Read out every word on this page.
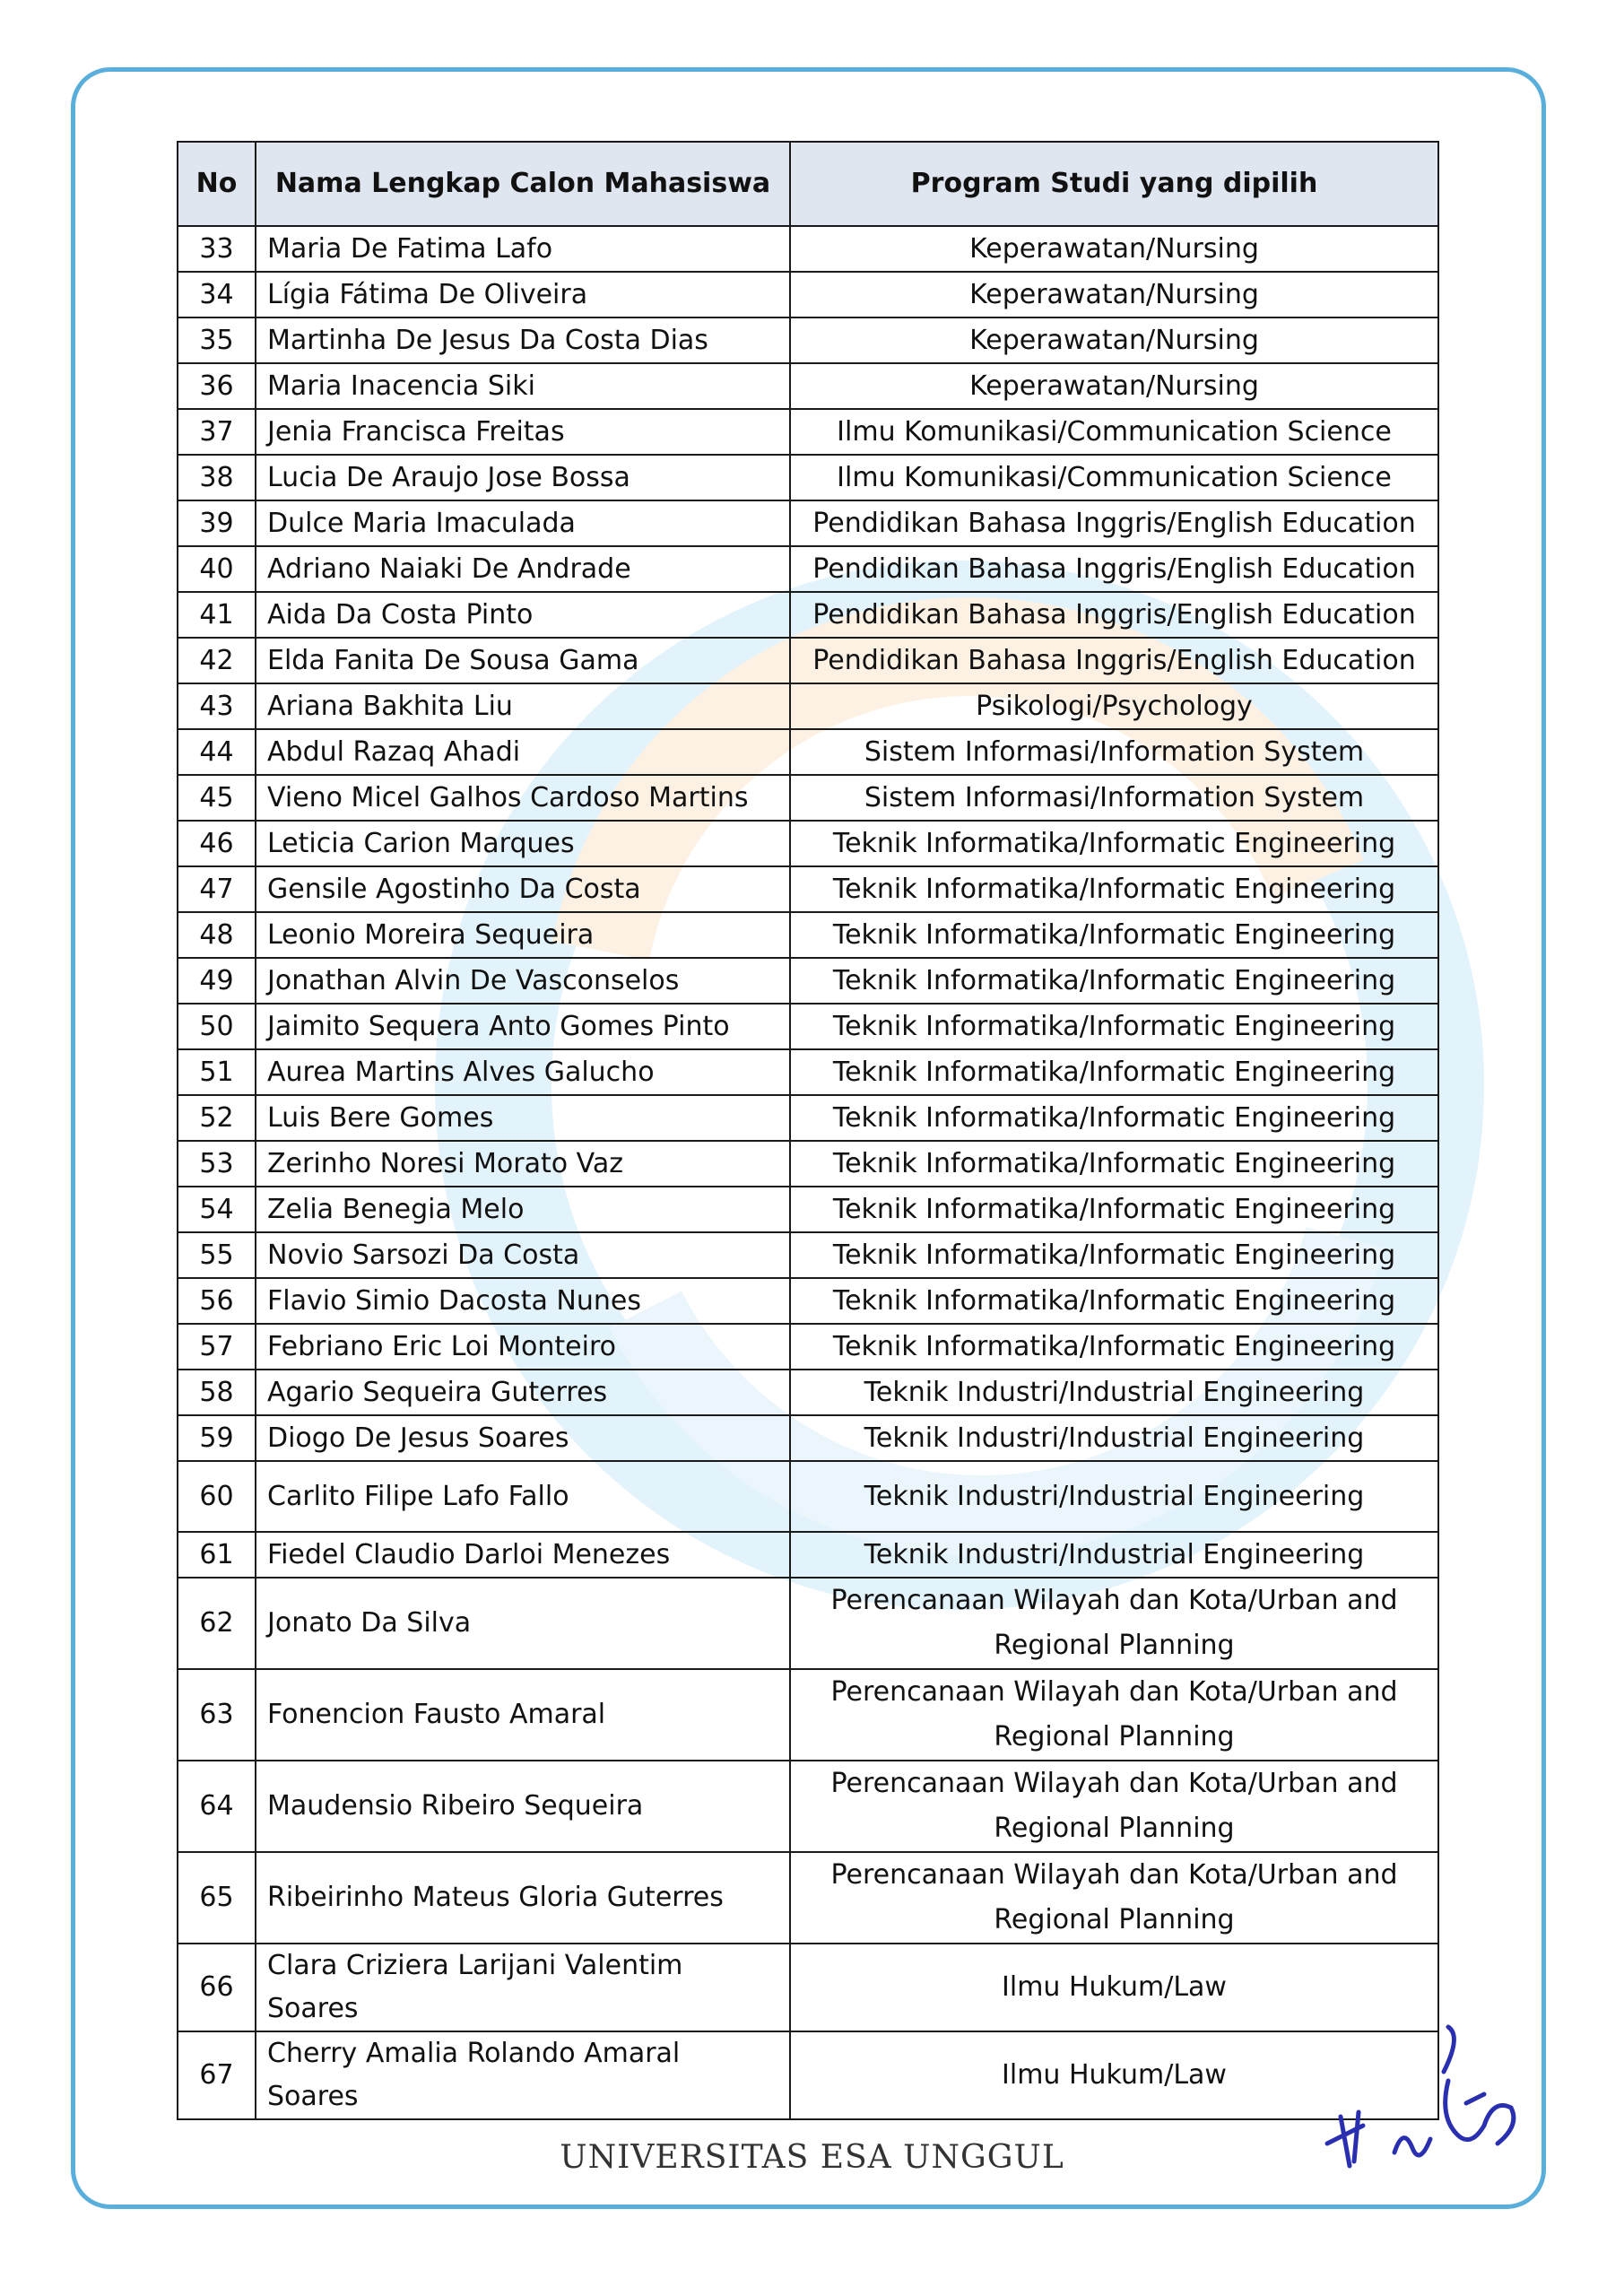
No	Nama Lengkap Calon Mahasiswa	Program Studi yang dipilih
33	Maria De Fatima Lafo	Keperawatan/Nursing
34	Lígia Fátima De Oliveira	Keperawatan/Nursing
35	Martinha De Jesus Da Costa Dias	Keperawatan/Nursing
36	Maria Inacencia Siki	Keperawatan/Nursing
37	Jenia Francisca Freitas	Ilmu Komunikasi/Communication Science
38	Lucia De Araujo Jose Bossa	Ilmu Komunikasi/Communication Science
39	Dulce Maria Imaculada	Pendidikan Bahasa Inggris/English Education
40	Adriano Naiaki De Andrade	Pendidikan Bahasa Inggris/English Education
41	Aida Da Costa Pinto	Pendidikan Bahasa Inggris/English Education
42	Elda Fanita De Sousa Gama	Pendidikan Bahasa Inggris/English Education
43	Ariana Bakhita Liu	Psikologi/Psychology
44	Abdul Razaq Ahadi	Sistem Informasi/Information System
45	Vieno Micel Galhos Cardoso Martins	Sistem Informasi/Information System
46	Leticia Carion Marques	Teknik Informatika/Informatic Engineering
47	Gensile Agostinho Da Costa	Teknik Informatika/Informatic Engineering
48	Leonio Moreira Sequeira	Teknik Informatika/Informatic Engineering
49	Jonathan Alvin De Vasconselos	Teknik Informatika/Informatic Engineering
50	Jaimito Sequera Anto Gomes Pinto	Teknik Informatika/Informatic Engineering
51	Aurea Martins Alves Galucho	Teknik Informatika/Informatic Engineering
52	Luis Bere Gomes	Teknik Informatika/Informatic Engineering
53	Zerinho Noresi Morato Vaz	Teknik Informatika/Informatic Engineering
54	Zelia Benegia Melo	Teknik Informatika/Informatic Engineering
55	Novio Sarsozi Da Costa	Teknik Informatika/Informatic Engineering
56	Flavio Simio Dacosta Nunes	Teknik Informatika/Informatic Engineering
57	Febriano Eric Loi Monteiro	Teknik Informatika/Informatic Engineering
58	Agario Sequeira Guterres	Teknik Industri/Industrial Engineering
59	Diogo De Jesus Soares	Teknik Industri/Industrial Engineering
60	Carlito Filipe Lafo Fallo	Teknik Industri/Industrial Engineering
61	Fiedel Claudio Darloi Menezes	Teknik Industri/Industrial Engineering
62	Jonato Da Silva	Perencanaan Wilayah dan Kota/Urban and Regional Planning
63	Fonencion Fausto Amaral	Perencanaan Wilayah dan Kota/Urban and Regional Planning
64	Maudensio Ribeiro Sequeira	Perencanaan Wilayah dan Kota/Urban and Regional Planning
65	Ribeirinho Mateus Gloria Guterres	Perencanaan Wilayah dan Kota/Urban and Regional Planning
66	Clara Criziera Larijani Valentim Soares	Ilmu Hukum/Law
67	Cherry Amalia Rolando Amaral Soares	Ilmu Hukum/Law
UNIVERSITAS ESA UNGGUL
